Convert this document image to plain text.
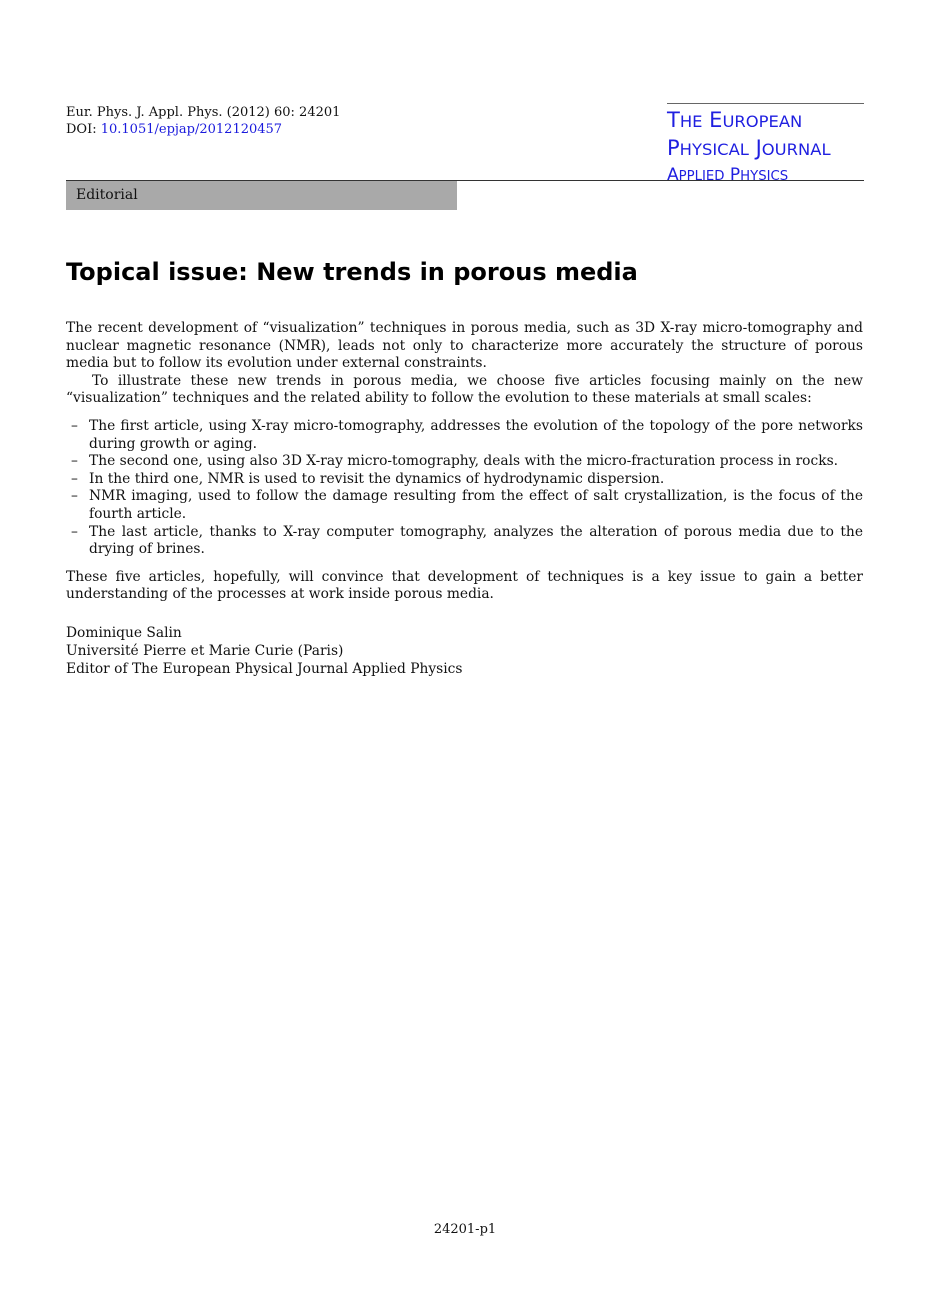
Eur. Phys. J. Appl. Phys. (2012) 60: 24201
DOI: 10.1051/epjap/2012120457	THE EUROPEAN
PHYSICAL JOURNAL
APPLIED PHYSICS
Editorial
Topical issue: New trends in porous media

The recent development of “visualization” techniques in porous media, such as 3D X-ray micro-tomography and nuclear magnetic resonance (NMR), leads not only to characterize more accurately the structure of porous media but to follow its evolution under external constraints.

To illustrate these new trends in porous media, we choose five articles focusing mainly on the new “visualization” techniques and the related ability to follow the evolution to these materials at small scales:

– The first article, using X-ray micro-tomography, addresses the evolution of the topology of the pore networks during growth or aging.
– The second one, using also 3D X-ray micro-tomography, deals with the micro-fracturation process in rocks.
– In the third one, NMR is used to revisit the dynamics of hydrodynamic dispersion.
– NMR imaging, used to follow the damage resulting from the effect of salt crystallization, is the focus of the fourth article.
– The last article, thanks to X-ray computer tomography, analyzes the alteration of porous media due to the drying of brines.

These five articles, hopefully, will convince that development of techniques is a key issue to gain a better understanding of the processes at work inside porous media.

Dominique Salin
Université Pierre et Marie Curie (Paris)
Editor of The European Physical Journal Applied Physics
24201-p1
